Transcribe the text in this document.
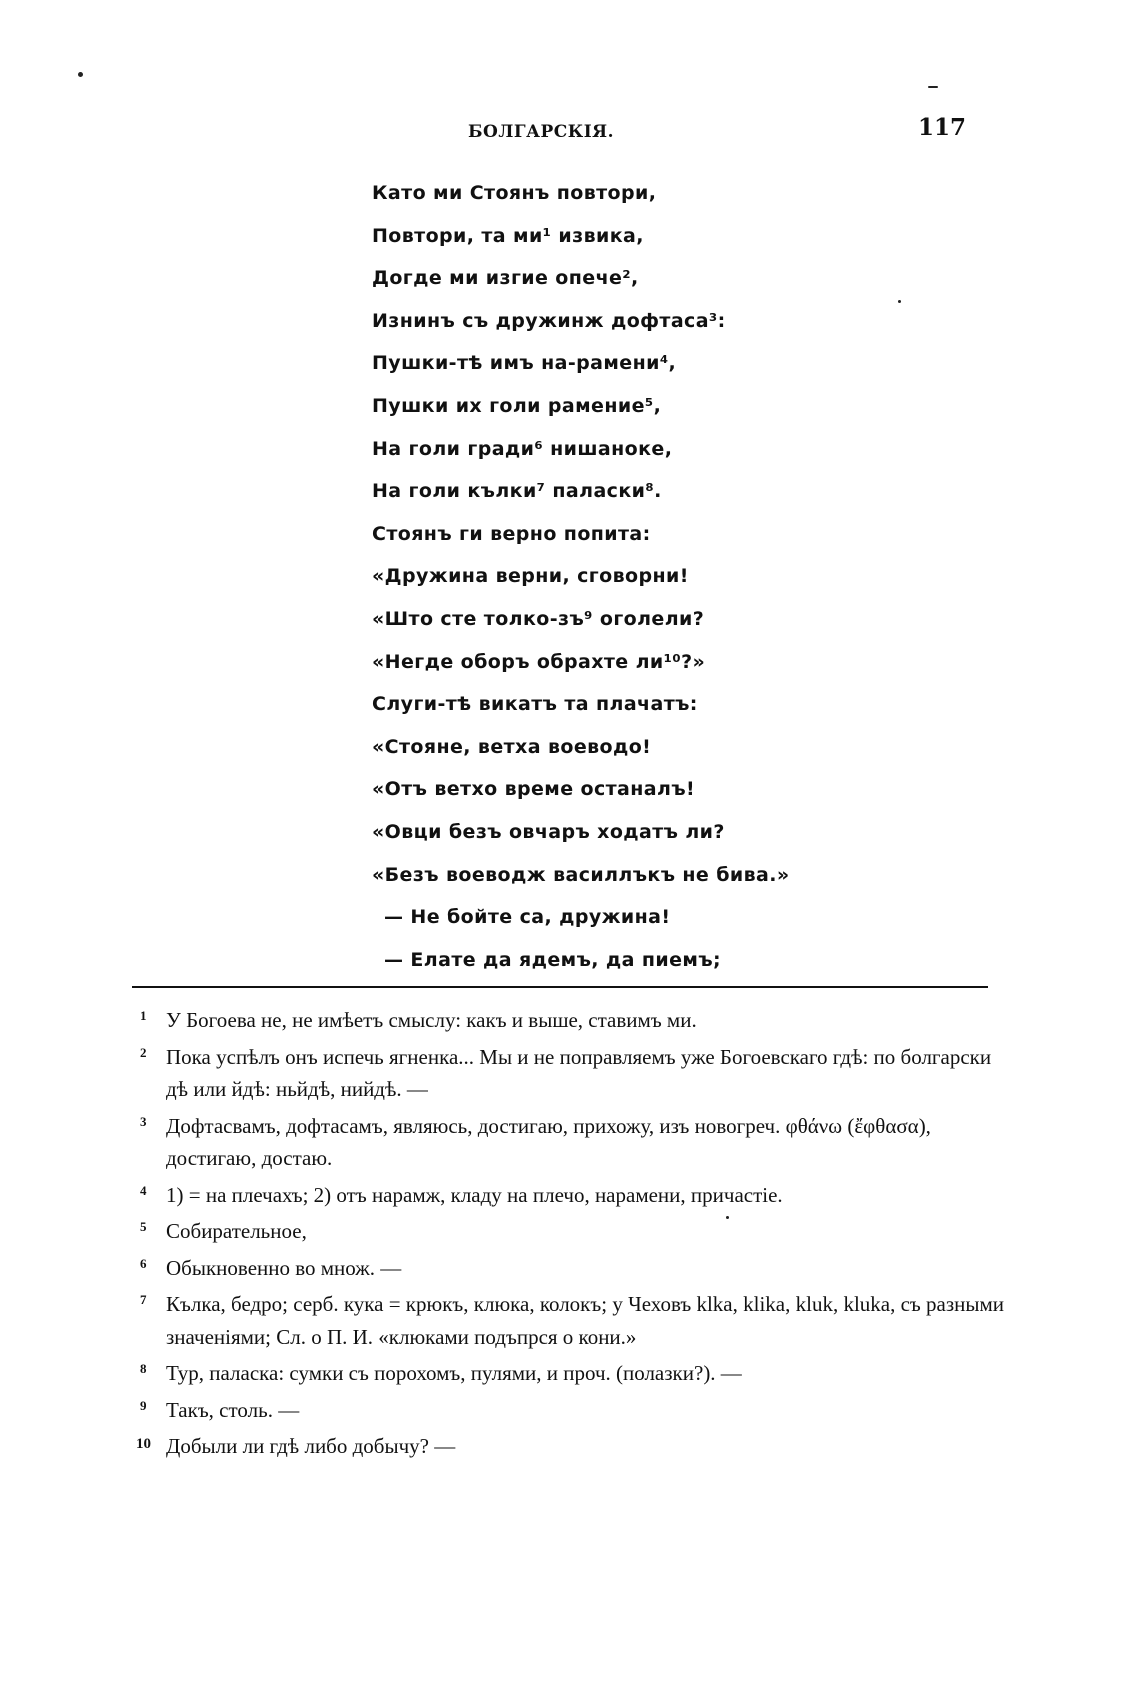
БОЛГАРСКІЯ.	117
Като ми Стоянъ повтори,
Повтори, та ми¹ извика,
Догде ми изгие опече²,
Изнинъ съ дружинж дофтаса³:
Пушки-тѣ имъ на-рамени⁴,
Пушки их голи рамение⁵,
На голи гради⁶ нишаноке,
На голи кълки⁷ паласки⁸.
Стоянъ ги верно попита:
«Дружина верни, сговорни!
«Што сте толко-зъ⁹ оголели?
«Негде оборъ обрахте ли¹⁰?»
Слуги-тѣ викатъ та плачатъ:
«Стояне, ветха воеводо!
«Отъ ветхо време останалъ!
«Овци безъ овчаръ ходатъ ли?
«Безъ воеводж василлъкъ не бива.»
— Не бойте са, дружина!
— Елате да ядемъ, да пиемъ;
1 У Богоева не, не имѣетъ смыслу: какъ и выше, ставимъ ми.
2 Пока успѣлъ онъ испечь ягненка... Мы и не поправляемъ уже Богоевскаго гдѣ: по болгарски дѣ или йдѣ: ньйдѣ, нийдѣ. —
3 Дофтасвамъ, дофтасамъ, являюсь, достигаю, прихожу, изъ новогреч. φθάνω (ἔφθασα), достигаю, достаю.
4 1) = на плечахъ; 2) отъ нарамж, кладу на плечо, нарамени, причастіе.
5 Собирательное,
6 Обыкновенно во множ. —
7 Кълка, бедро; серб. кука = крюкъ, клюка, колокъ; у Чеховъ klka, klika, kluk, kluka, съ разными значеніями; Сл. о П. И. «клюками подъпрся о кони.»
8 Тур, паласка: сумки съ порохомъ, пулями, и проч. (полазки?). —
9 Такъ, столь. —
10 Добыли ли гдѣ либо добычу? —
